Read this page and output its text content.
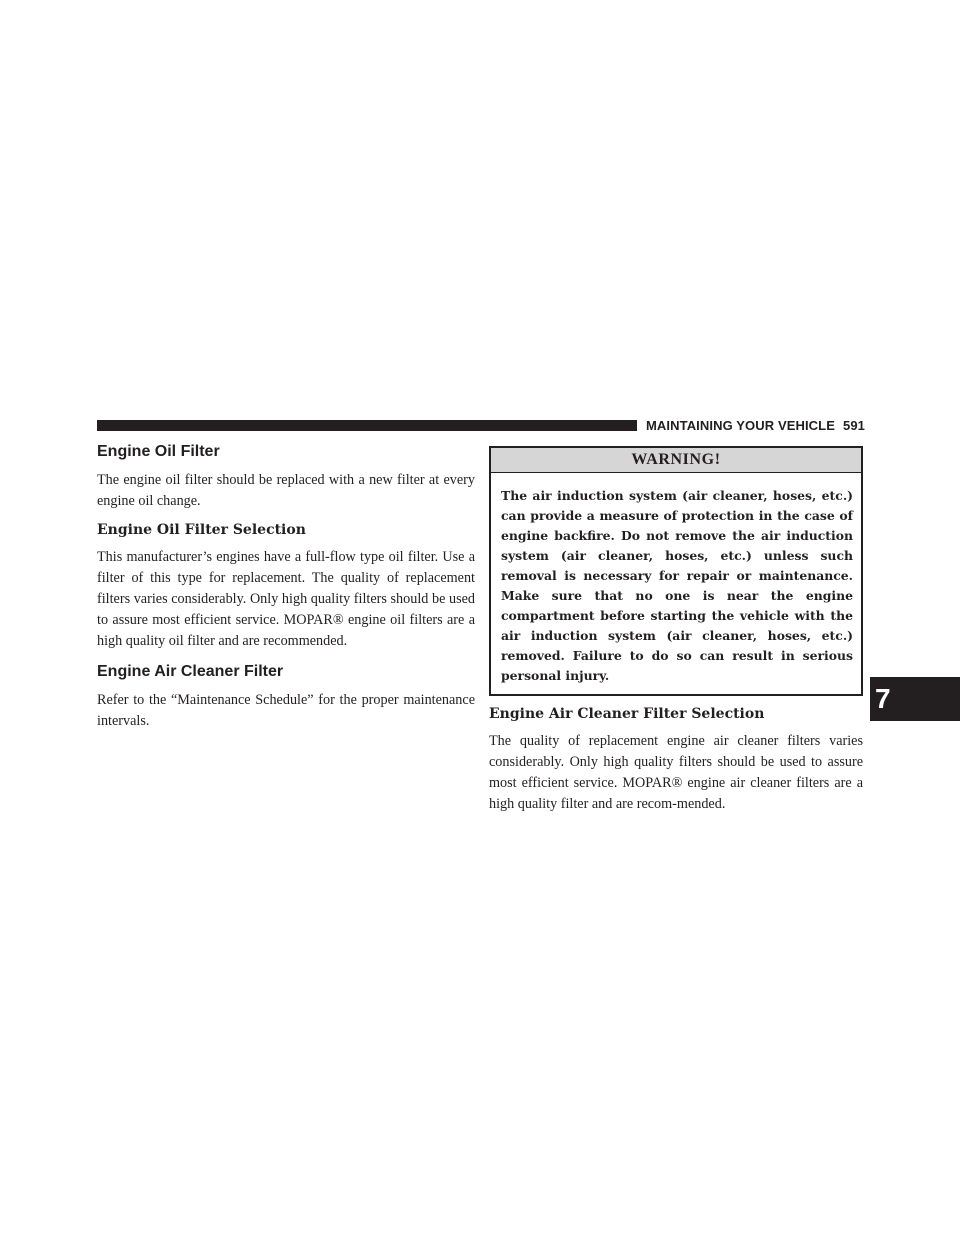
MAINTAINING YOUR VEHICLE 591
Engine Oil Filter

The engine oil filter should be replaced with a new filter at every engine oil change.

Engine Oil Filter Selection

This manufacturer’s engines have a full-flow type oil filter. Use a filter of this type for replacement. The quality of replacement filters varies considerably. Only high quality filters should be used to assure most efficient service. MOPAR® engine oil filters are a high quality oil filter and are recommended.

Engine Air Cleaner Filter

Refer to the “Maintenance Schedule” for the proper maintenance intervals.

WARNING!
The air induction system (air cleaner, hoses, etc.) can provide a measure of protection in the case of engine backfire. Do not remove the air induction system (air cleaner, hoses, etc.) unless such removal is necessary for repair or maintenance. Make sure that no one is near the engine compartment before starting the vehicle with the air induction system (air cleaner, hoses, etc.) removed. Failure to do so can result in serious personal injury.
Engine Air Cleaner Filter Selection

The quality of replacement engine air cleaner filters varies considerably. Only high quality filters should be used to assure most efficient service. MOPAR® engine air cleaner filters are a high quality filter and are recom-mended.

7
